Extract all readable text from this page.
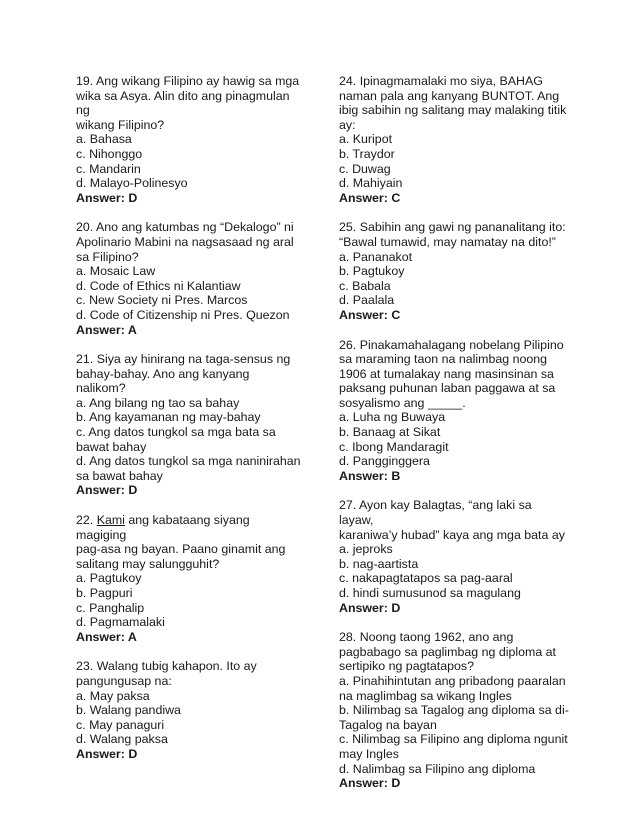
19. Ang wikang Filipino ay hawig sa mga
wika sa Asya. Alin dito ang pinagmulan ng
wikang Filipino?
a. Bahasa
c. Nihonggo
c. Mandarin
d. Malayo-Polinesyo
Answer: D
20. Ano ang katumbas ng “Dekalogo” ni
Apolinario Mabini na nagsasaad ng aral
sa Filipino?
a. Mosaic Law
d. Code of Ethics ni Kalantiaw
c. New Society ni Pres. Marcos
d. Code of Citizenship ni Pres. Quezon
Answer: A
21. Siya ay hinirang na taga-sensus ng
bahay-bahay. Ano ang kanyang nalikom?
a. Ang bilang ng tao sa bahay
b. Ang kayamanan ng may-bahay
c. Ang datos tungkol sa mga bata sa
bawat bahay
d. Ang datos tungkol sa mga naninirahan
sa bawat bahay
Answer: D
22. Kami ang kabataang siyang magiging
pag-asa ng bayan. Paano ginamit ang
salitang may salungguhit?
a. Pagtukoy
b. Pagpuri
c. Panghalip
d. Pagmamalaki
Answer: A
23. Walang tubig kahapon. Ito ay
pangungusap na:
a. May paksa
b. Walang pandiwa
c. May panaguri
d. Walang paksa
Answer: D
24. Ipinagmamalaki mo siya, BAHAG
naman pala ang kanyang BUNTOT. Ang
ibig sabihin ng salitang may malaking titik
ay:
a. Kuripot
b. Traydor
c. Duwag
d. Mahiyain
Answer: C
25. Sabihin ang gawi ng pananalitang ito:
“Bawal tumawid, may namatay na dito!”
a. Pananakot
b. Pagtukoy
c. Babala
d. Paalala
Answer: C
26. Pinakamahalagang nobelang Pilipino
sa maraming taon na nalimbag noong
1906 at tumalakay nang masinsinan sa
paksang puhunan laban paggawa at sa
sosyalismo ang _____.
a. Luha ng Buwaya
b. Banaag at Sikat
c. Ibong Mandaragit
d. Pangginggera
Answer: B
27. Ayon kay Balagtas, “ang laki sa layaw,
karaniwa’y hubad” kaya ang mga bata ay
a. jeproks
b. nag-aartista
c. nakapagtatapos sa pag-aaral
d. hindi sumusunod sa magulang
Answer: D
28. Noong taong 1962, ano ang
pagbabago sa paglimbag ng diploma at
sertipiko ng pagtatapos?
a. Pinahihintutan ang pribadong paaralan
na maglimbag sa wikang Ingles
b. Nilimbag sa Tagalog ang diploma sa di-
Tagalog na bayan
c. Nilimbag sa Filipino ang diploma ngunit
may Ingles
d. Nalimbag sa Filipino ang diploma
Answer: D
